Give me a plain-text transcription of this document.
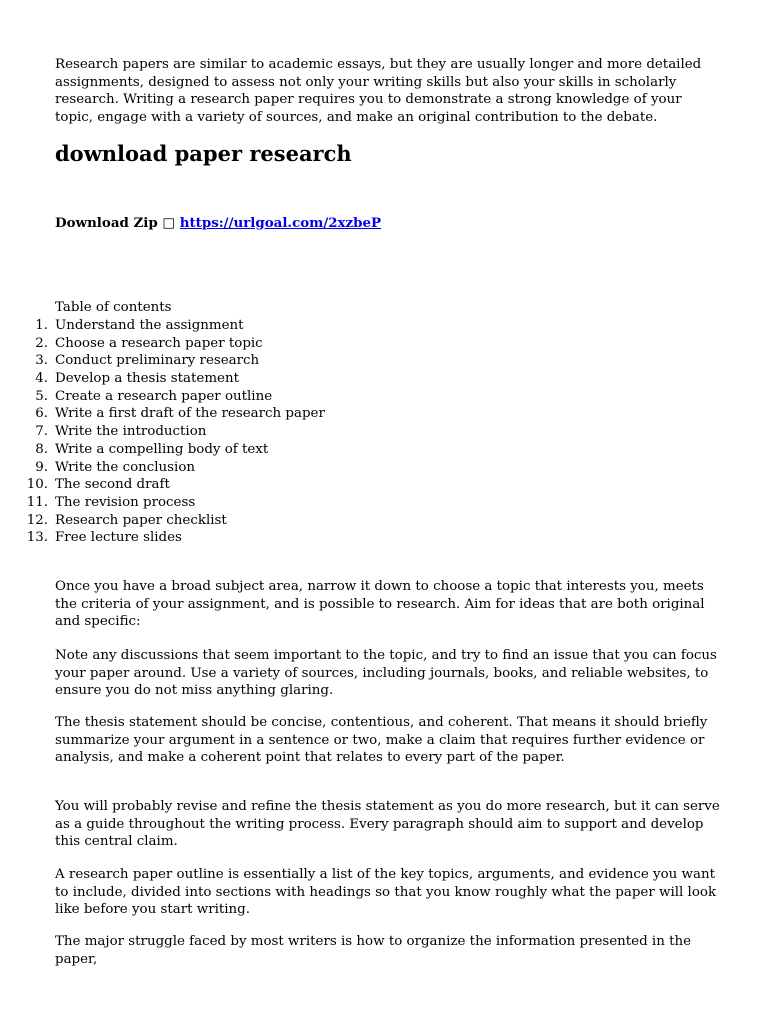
Research papers are similar to academic essays, but they are usually longer and more detailed assignments, designed to assess not only your writing skills but also your skills in scholarly research. Writing a research paper requires you to demonstrate a strong knowledge of your topic, engage with a variety of sources, and make an original contribution to the debate.

download paper research

Download Zip □ https://urlgoal.com/2xzbeP

Table of contents

1. Understand the assignment
2. Choose a research paper topic
3. Conduct preliminary research
4. Develop a thesis statement
5. Create a research paper outline
6. Write a first draft of the research paper
7. Write the introduction
8. Write a compelling body of text
9. Write the conclusion
10. The second draft
11. The revision process
12. Research paper checklist
13. Free lecture slides

Once you have a broad subject area, narrow it down to choose a topic that interests you, meets the criteria of your assignment, and is possible to research. Aim for ideas that are both original and specific:

Note any discussions that seem important to the topic, and try to find an issue that you can focus your paper around. Use a variety of sources, including journals, books, and reliable websites, to ensure you do not miss anything glaring.

The thesis statement should be concise, contentious, and coherent. That means it should briefly summarize your argument in a sentence or two, make a claim that requires further evidence or analysis, and make a coherent point that relates to every part of the paper.

You will probably revise and refine the thesis statement as you do more research, but it can serve as a guide throughout the writing process. Every paragraph should aim to support and develop this central claim.

A research paper outline is essentially a list of the key topics, arguments, and evidence you want to include, divided into sections with headings so that you know roughly what the paper will look like before you start writing.

The major struggle faced by most writers is how to organize the information presented in the paper,
